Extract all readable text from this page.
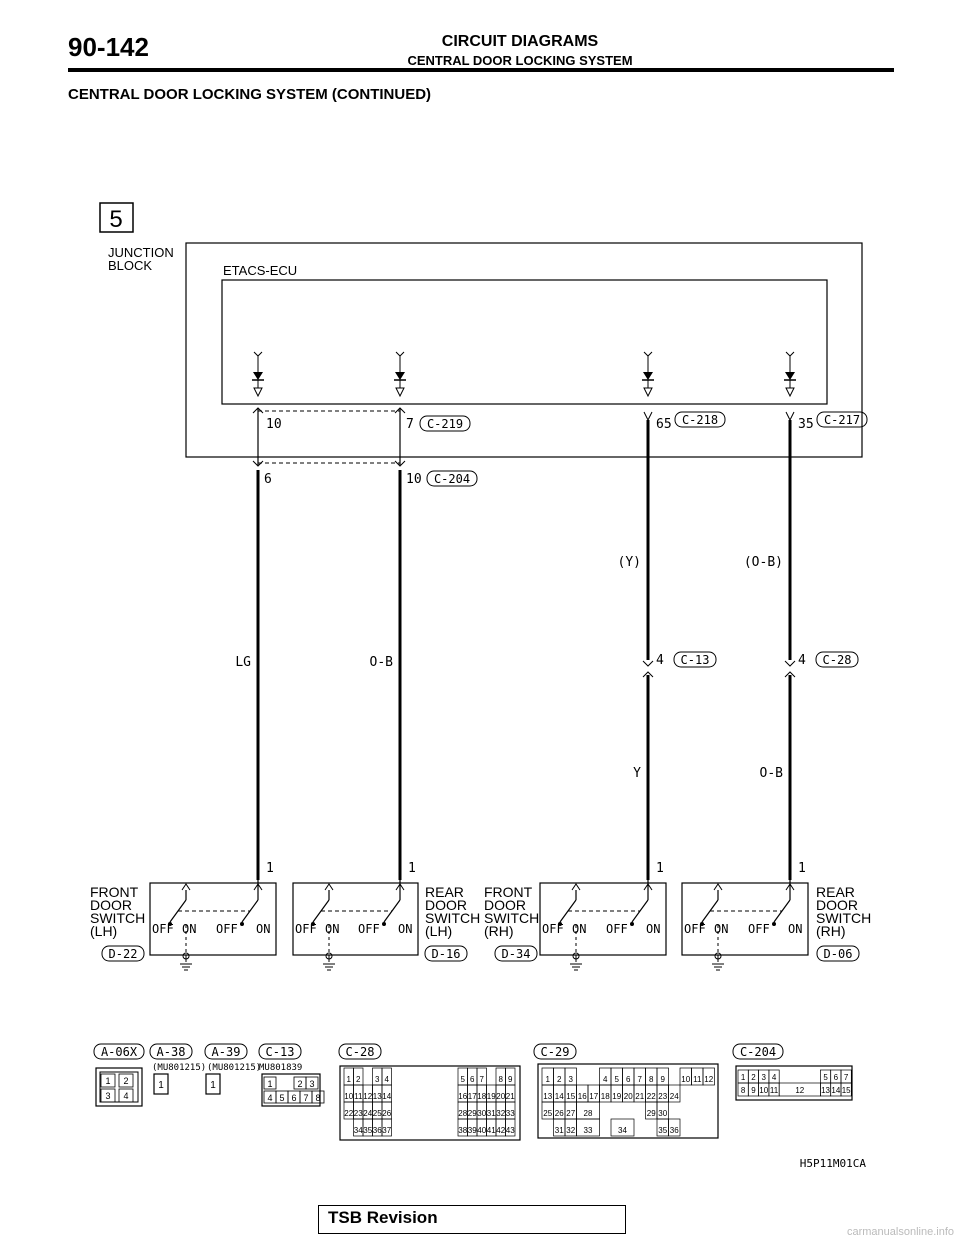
90-142	CIRCUIT DIAGRAMS
CENTRAL DOOR LOCKING SYSTEM
CENTRAL DOOR LOCKING SYSTEM (CONTINUED)
5
JUNCTION
BLOCK	ETACS-ECU
10	7 C-219
6	10 C-204
65 C-218	35 C-217
LG	O-B
(Y)	(O-B)
Y	O-B
4 C-13	4 C-28
1	1	1	1
OFF ON OFF ON OFF ON OFF ON	OFF ON OFF ON OFF ON OFF ON
FRONT
DOOR
SWITCH
(LH)
REAR
DOOR
SWITCH
(LH)
FRONT
DOOR
SWITCH
(RH)
REAR
DOOR
SWITCH
(RH)
D-22	D-16	D-34	D-06
A-06X A-38 A-39 C-13	C-28	C-29	C-204
(MU801215) (MU801215)
MU801839
1 2
3 4
1	1	1	2 3
4 5 6 7 8
1 2 3 4	5 6 7 8 9
10 11 12 13 14	16 17 18 19 20 21
22 23 24 25 26	28 29 30 31 32 33
34 35 36 37	38 39 40 41 42 43
1 2 3	4 5 6 7 8 9 10 11 12
13 14 15 16 17 18 19 20 21 22 23 24
25 26 27 28	29 30
31 32 33	34	35 36
1 2 3 4	5 6 7
8 9 10 11 12 13 14 15
H5P11M01CA
TSB Revision
carmanualsonline.info
